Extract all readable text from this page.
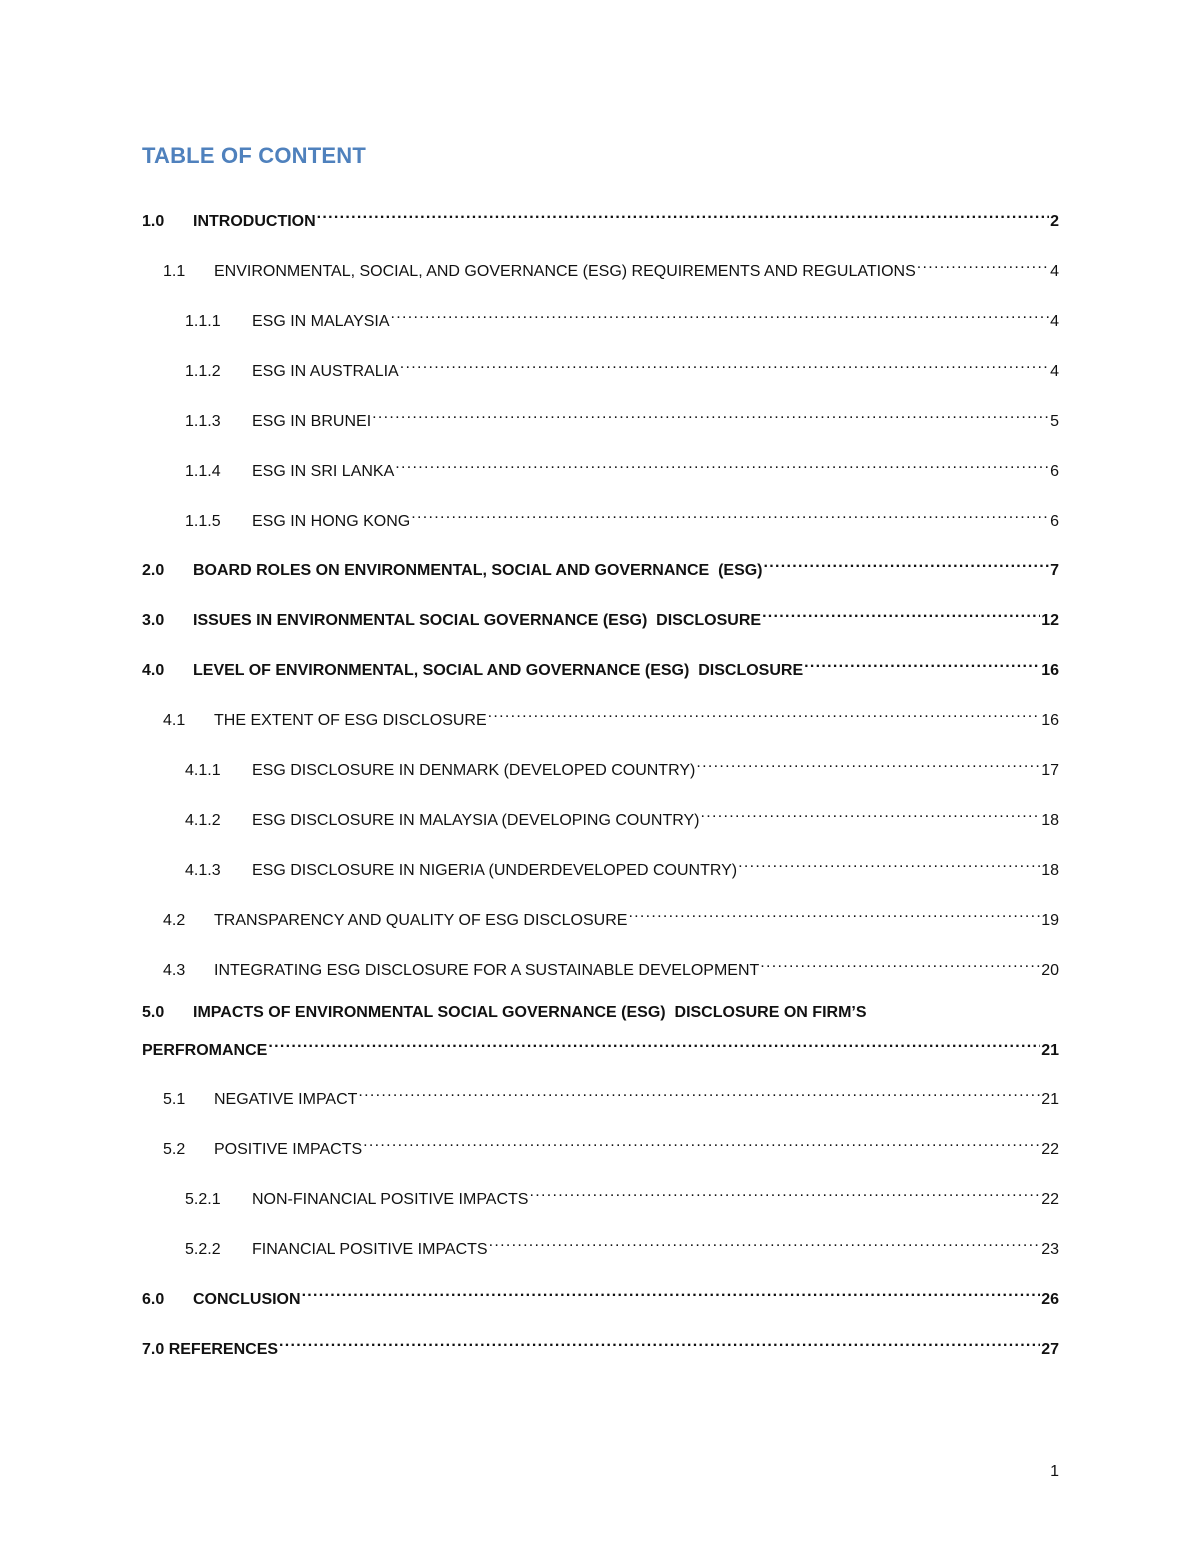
TABLE OF CONTENT
1.0	INTRODUCTION .....	2
1.1	ENVIRONMENTAL, SOCIAL, AND GOVERNANCE (ESG) REQUIREMENTS AND REGULATIONS .....	4
1.1.1	ESG IN MALAYSIA .....	4
1.1.2	ESG IN AUSTRALIA .....	4
1.1.3	ESG IN BRUNEI .....	5
1.1.4	ESG IN SRI LANKA .....	6
1.1.5	ESG IN HONG KONG .....	6
2.0	BOARD ROLES ON ENVIRONMENTAL, SOCIAL AND GOVERNANCE  (ESG) .....	7
3.0	ISSUES IN ENVIRONMENTAL SOCIAL GOVERNANCE (ESG)  DISCLOSURE .....	12
4.0	LEVEL OF ENVIRONMENTAL, SOCIAL AND GOVERNANCE (ESG)  DISCLOSURE .....	16
4.1	THE EXTENT OF ESG DISCLOSURE .....	16
4.1.1	ESG DISCLOSURE IN DENMARK (DEVELOPED COUNTRY) .....	17
4.1.2	ESG DISCLOSURE IN MALAYSIA (DEVELOPING COUNTRY) .....	18
4.1.3	ESG DISCLOSURE IN NIGERIA (UNDERDEVELOPED COUNTRY) .....	18
4.2	TRANSPARENCY AND QUALITY OF ESG DISCLOSURE .....	19
4.3	INTEGRATING ESG DISCLOSURE FOR A SUSTAINABLE DEVELOPMENT .....	20
5.0 IMPACTS OF ENVIRONMENTAL SOCIAL GOVERNANCE (ESG)  DISCLOSURE ON FIRM’S
PERFROMANCE .....	21
5.1	NEGATIVE IMPACT .....	21
5.2	POSITIVE IMPACTS .....	22
5.2.1	NON-FINANCIAL POSITIVE IMPACTS .....	22
5.2.2	FINANCIAL POSITIVE IMPACTS .....	23
6.0	CONCLUSION .....	26
7.0 REFERENCES .....	27
1
